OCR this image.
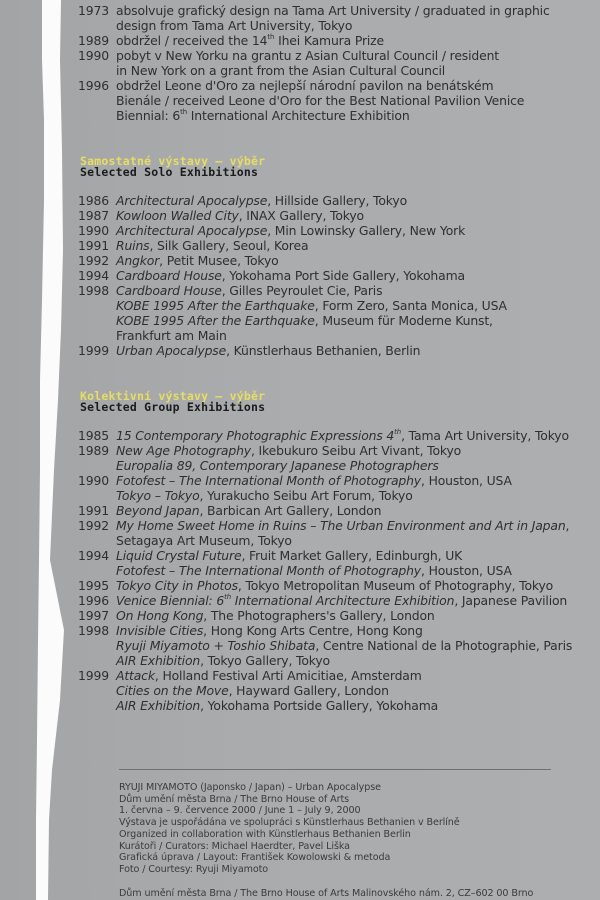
1973 absolvuje grafický design na Tama Art University / graduated in graphic
design from Tama Art University, Tokyo
1989 obdržel / received the 14th Ihei Kamura Prize
1990 pobyt v New Yorku na grantu z Asian Cultural Council / resident
in New York on a grant from the Asian Cultural Council
1996 obdržel Leone d'Oro za nejlepší národní pavilon na benátském
Bienále / received Leone d'Oro for the Best National Pavilion Venice
Biennial: 6th International Architecture Exhibition
Samostatné výstavy – výběr
Selected Solo Exhibitions
1986 Architectural Apocalypse, Hillside Gallery, Tokyo
1987 Kowloon Walled City, INAX Gallery, Tokyo
1990 Architectural Apocalypse, Min Lowinsky Gallery, New York
1991 Ruins, Silk Gallery, Seoul, Korea
1992 Angkor, Petit Musee, Tokyo
1994 Cardboard House, Yokohama Port Side Gallery, Yokohama
1998 Cardboard House, Gilles Peyroulet Cie, Paris
KOBE 1995 After the Earthquake, Form Zero, Santa Monica, USA
KOBE 1995 After the Earthquake, Museum für Moderne Kunst,
Frankfurt am Main
1999 Urban Apocalypse, Künstlerhaus Bethanien, Berlin
Kolektivní výstavy – výběr
Selected Group Exhibitions
1985 15 Contemporary Photographic Expressions 4th, Tama Art University, Tokyo
1989 New Age Photography, Ikebukuro Seibu Art Vivant, Tokyo
Europalia 89, Contemporary Japanese Photographers
1990 Fotofest – The International Month of Photography, Houston, USA
Tokyo – Tokyo, Yurakucho Seibu Art Forum, Tokyo
1991 Beyond Japan, Barbican Art Gallery, London
1992 My Home Sweet Home in Ruins – The Urban Environment and Art in Japan,
Setagaya Art Museum, Tokyo
1994 Liquid Crystal Future, Fruit Market Gallery, Edinburgh, UK
Fotofest – The International Month of Photography, Houston, USA
1995 Tokyo City in Photos, Tokyo Metropolitan Museum of Photography, Tokyo
1996 Venice Biennial: 6th International Architecture Exhibition, Japanese Pavilion
1997 On Hong Kong, The Photographers's Gallery, London
1998 Invisible Cities, Hong Kong Arts Centre, Hong Kong
Ryuji Miyamoto + Toshio Shibata, Centre National de la Photographie, Paris
AIR Exhibition, Tokyo Gallery, Tokyo
1999 Attack, Holland Festival Arti Amicitiae, Amsterdam
Cities on the Move, Hayward Gallery, London
AIR Exhibition, Yokohama Portside Gallery, Yokohama
RYUJI MIYAMOTO (Japonsko / Japan) – Urban Apocalypse
Dům umění města Brna / The Brno House of Arts
1. června – 9. července 2000 / June 1 – July 9, 2000
Výstava je uspořádána ve spolupráci s Künstlerhaus Bethanien v Berlíně
Organized in collaboration with Künstlerhaus Bethanien Berlin
Kurátoři / Curators: Michael Haerdter, Pavel Liška
Grafická úprava / Layout: František Kowolowski & metoda
Foto / Courtesy: Ryuji Miyamoto
Dům umění města Brna / The Brno House of Arts Malinovského nám. 2, CZ–602 00 Brno
